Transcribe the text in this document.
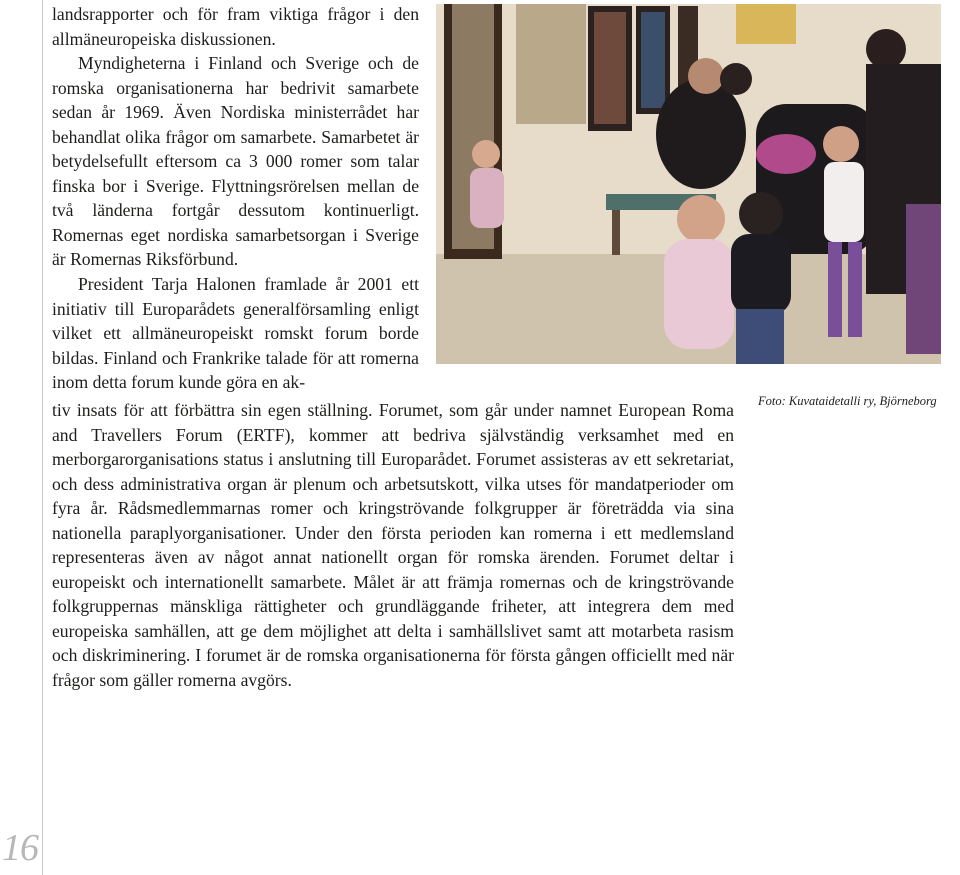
landsrapporter och för fram viktiga frågor i den allmäneuropeiska diskussionen.

Myndigheterna i Finland och Sverige och de romska organisationerna har bedrivit samarbete sedan år 1969. Även Nordiska ministerrådet har behandlat olika frågor om samarbete. Samarbetet är betydelsefullt eftersom ca 3 000 romer som talar finska bor i Sverige. Flyttningsrörelsen mellan de två länderna fortgår dessutom kontinuerligt. Romernas eget nordiska samarbetsorgan i Sverige är Romernas Riksförbund.

President Tarja Halonen framlade år 2001 ett initiativ till Europarådets generalförsamling enligt vilket ett allmäneuropeiskt romskt forum borde bildas. Finland och Frankrike talade för att romerna inom detta forum kunde göra en ak-

Foto: Kuvataidetalli ry, Björneborg

tiv insats för att förbättra sin egen ställning. Forumet, som går under namnet European Roma and Travellers Forum (ERTF), kommer att bedriva självständig verksamhet med en merborgarorganisations status i anslutning till Europarådet. Forumet assisteras av ett sekretariat, och dess administrativa organ är plenum och arbetsutskott, vilka utses för mandatperioder om fyra år. Rådsmedlemmarnas romer och kringströvande folkgrupper är företrädda via sina nationella paraplyorganisationer. Under den första perioden kan romerna i ett medlemsland representeras även av något annat nationellt organ för romska ärenden. Forumet deltar i europeiskt och internationellt samarbete. Målet är att främja romernas och de kringströvande folkgruppernas mänskliga rättigheter och grundläggande friheter, att integrera dem med europeiska samhällen, att ge dem möjlighet att delta i samhällslivet samt att motarbeta rasism och diskriminering. I forumet är de romska organisationerna för första gången officiellt med när frågor som gäller romerna avgörs.

16
